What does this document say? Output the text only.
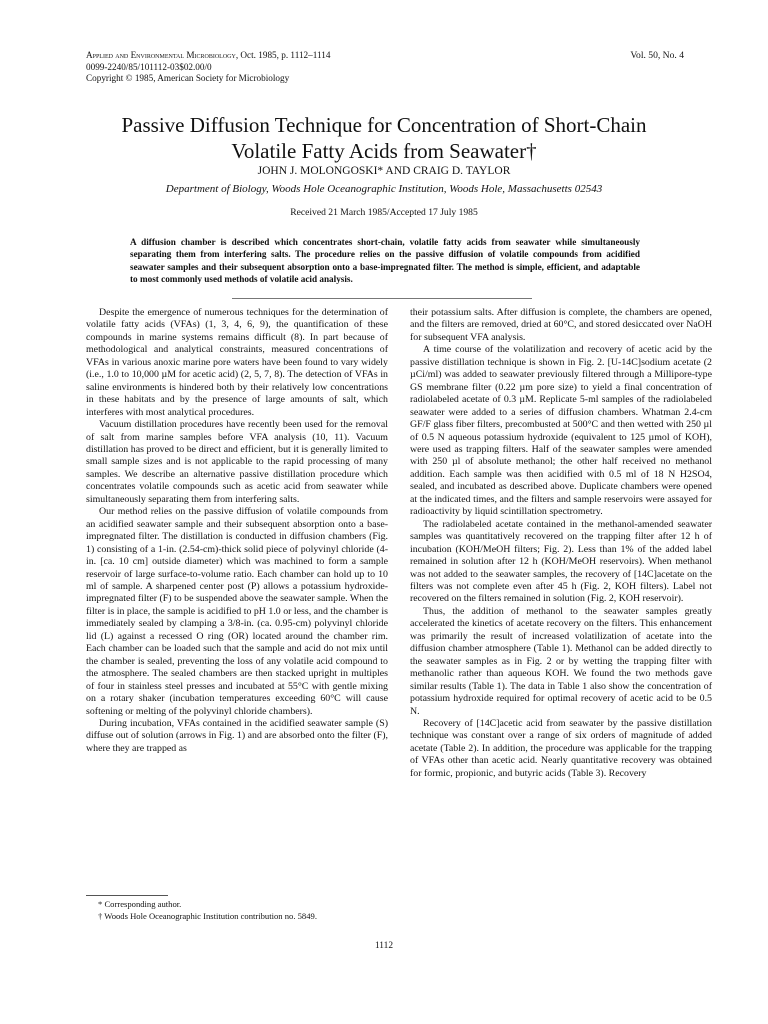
Applied and Environmental Microbiology, Oct. 1985, p. 1112–1114
0099-2240/85/101112-03$02.00/0
Copyright © 1985, American Society for Microbiology
Vol. 50, No. 4
Passive Diffusion Technique for Concentration of Short-Chain
Volatile Fatty Acids from Seawater†
JOHN J. MOLONGOSKI* AND CRAIG D. TAYLOR
Department of Biology, Woods Hole Oceanographic Institution, Woods Hole, Massachusetts 02543
Received 21 March 1985/Accepted 17 July 1985
A diffusion chamber is described which concentrates short-chain, volatile fatty acids from seawater while simultaneously separating them from interfering salts. The procedure relies on the passive diffusion of volatile compounds from acidified seawater samples and their subsequent absorption onto a base-impregnated filter. The method is simple, efficient, and adaptable to most commonly used methods of volatile acid analysis.

Despite the emergence of numerous techniques for the determination of volatile fatty acids (VFAs) (1, 3, 4, 6, 9), the quantification of these compounds in marine systems remains difficult (8). In part because of methodological and analytical constraints, measured concentrations of VFAs in various anoxic marine pore waters have been found to vary widely (i.e., 1.0 to 10,000 µM for acetic acid) (2, 5, 7, 8). The detection of VFAs in saline environments is hindered both by their relatively low concentrations in these habitats and by the presence of large amounts of salt, which interferes with most analytical procedures.

Vacuum distillation procedures have recently been used for the removal of salt from marine samples before VFA analysis (10, 11). Vacuum distillation has proved to be direct and efficient, but it is generally limited to small sample sizes and is not applicable to the rapid processing of many samples. We describe an alternative passive distillation procedure which concentrates volatile compounds such as acetic acid from seawater while simultaneously separating them from interfering salts.

Our method relies on the passive diffusion of volatile compounds from an acidified seawater sample and their subsequent absorption onto a base-impregnated filter. The distillation is conducted in diffusion chambers (Fig. 1) consisting of a 1-in. (2.54-cm)-thick solid piece of polyvinyl chloride (4-in. [ca. 10 cm] outside diameter) which was machined to form a sample reservoir of large surface-to-volume ratio. Each chamber can hold up to 10 ml of sample. A sharpened center post (P) allows a potassium hydroxide-impregnated filter (F) to be suspended above the seawater sample. When the filter is in place, the sample is acidified to pH 1.0 or less, and the chamber is immediately sealed by clamping a 3/8-in. (ca. 0.95-cm) polyvinyl chloride lid (L) against a recessed O ring (OR) located around the chamber rim. Each chamber can be loaded such that the sample and acid do not mix until the chamber is sealed, preventing the loss of any volatile acid compound to the atmosphere. The sealed chambers are then stacked upright in multiples of four in stainless steel presses and incubated at 55°C with gentle mixing on a rotary shaker (incubation temperatures exceeding 60°C will cause softening or melting of the polyvinyl chloride chambers).

During incubation, VFAs contained in the acidified seawater sample (S) diffuse out of solution (arrows in Fig. 1) and are absorbed onto the filter (F), where they are trapped as

their potassium salts. After diffusion is complete, the chambers are opened, and the filters are removed, dried at 60°C, and stored desiccated over NaOH for subsequent VFA analysis.

A time course of the volatilization and recovery of acetic acid by the passive distillation technique is shown in Fig. 2. [U-14C]sodium acetate (2 µCi/ml) was added to seawater previously filtered through a Millipore-type GS membrane filter (0.22 µm pore size) to yield a final concentration of radiolabeled acetate of 0.3 µM. Replicate 5-ml samples of the radiolabeled seawater were added to a series of diffusion chambers. Whatman 2.4-cm GF/F glass fiber filters, precombusted at 500°C and then wetted with 250 µl of 0.5 N aqueous potassium hydroxide (equivalent to 125 µmol of KOH), were used as trapping filters. Half of the seawater samples were amended with 250 µl of absolute methanol; the other half received no methanol addition. Each sample was then acidified with 0.5 ml of 18 N H2SO4, sealed, and incubated as described above. Duplicate chambers were opened at the indicated times, and the filters and sample reservoirs were assayed for radioactivity by liquid scintillation spectrometry.

The radiolabeled acetate contained in the methanol-amended seawater samples was quantitatively recovered on the trapping filter after 12 h of incubation (KOH/MeOH filters; Fig. 2). Less than 1% of the added label remained in solution after 12 h (KOH/MeOH reservoirs). When methanol was not added to the seawater samples, the recovery of [14C]acetate on the filters was not complete even after 45 h (Fig. 2, KOH filters). Label not recovered on the filters remained in solution (Fig. 2, KOH reservoir).

Thus, the addition of methanol to the seawater samples greatly accelerated the kinetics of acetate recovery on the filters. This enhancement was primarily the result of increased volatilization of acetate into the diffusion chamber atmosphere (Table 1). Methanol can be added directly to the seawater samples as in Fig. 2 or by wetting the trapping filter with methanolic rather than aqueous KOH. We found the two methods gave similar results (Table 1). The data in Table 1 also show the concentration of potassium hydroxide required for optimal recovery of acetic acid to be 0.5 N.

Recovery of [14C]acetic acid from seawater by the passive distillation technique was constant over a range of six orders of magnitude of added acetate (Table 2). In addition, the procedure was applicable for the trapping of VFAs other than acetic acid. Nearly quantitative recovery was obtained for formic, propionic, and butyric acids (Table 3). Recovery

* Corresponding author.
† Woods Hole Oceanographic Institution contribution no. 5849.
1112
